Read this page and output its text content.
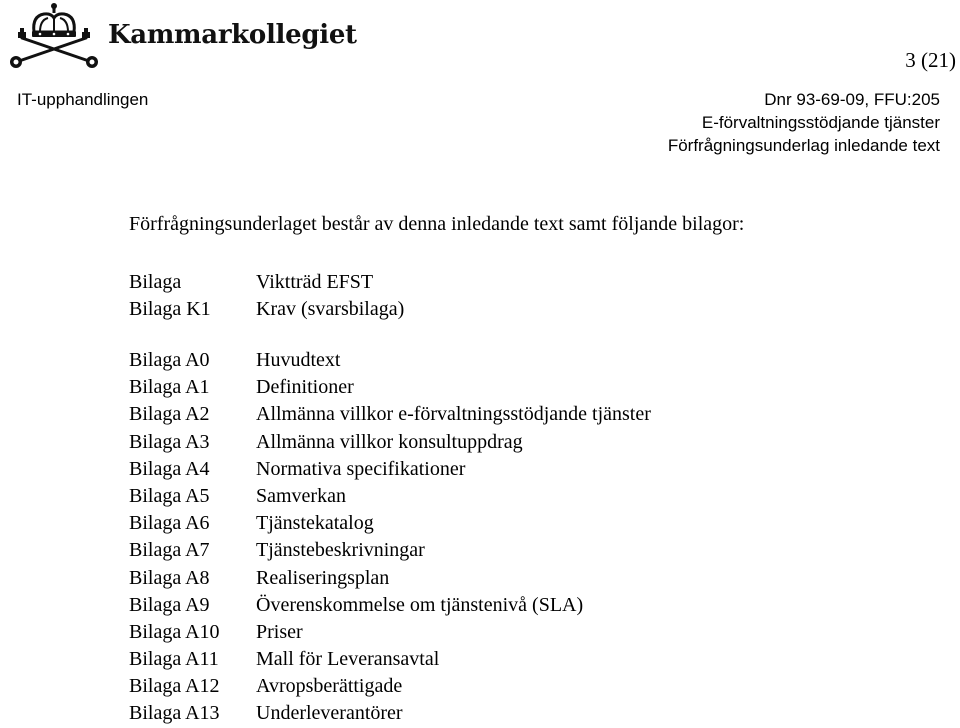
Kammarkollegiet
3 (21)
IT-upphandlingen	Dnr 93-69-09, FFU:205
E-förvaltningsstödjande tjänster
Förfrågningsunderlag inledande text
Förfrågningsunderlaget består av denna inledande text samt följande bilagor:
Bilaga	Viktträd EFST
Bilaga K1 Krav (svarsbilaga)
Bilaga A0 Huvudtext
Bilaga A1 Definitioner
Bilaga A2 Allmänna villkor e-förvaltningsstödjande tjänster
Bilaga A3 Allmänna villkor konsultuppdrag
Bilaga A4 Normativa specifikationer
Bilaga A5 Samverkan
Bilaga A6 Tjänstekatalog
Bilaga A7 Tjänstebeskrivningar
Bilaga A8 Realiseringsplan
Bilaga A9 Överenskommelse om tjänstenivå (SLA)
Bilaga A10 Priser
Bilaga A11 Mall för Leveransavtal
Bilaga A12 Avropsberättigade
Bilaga A13 Underleverantörer
